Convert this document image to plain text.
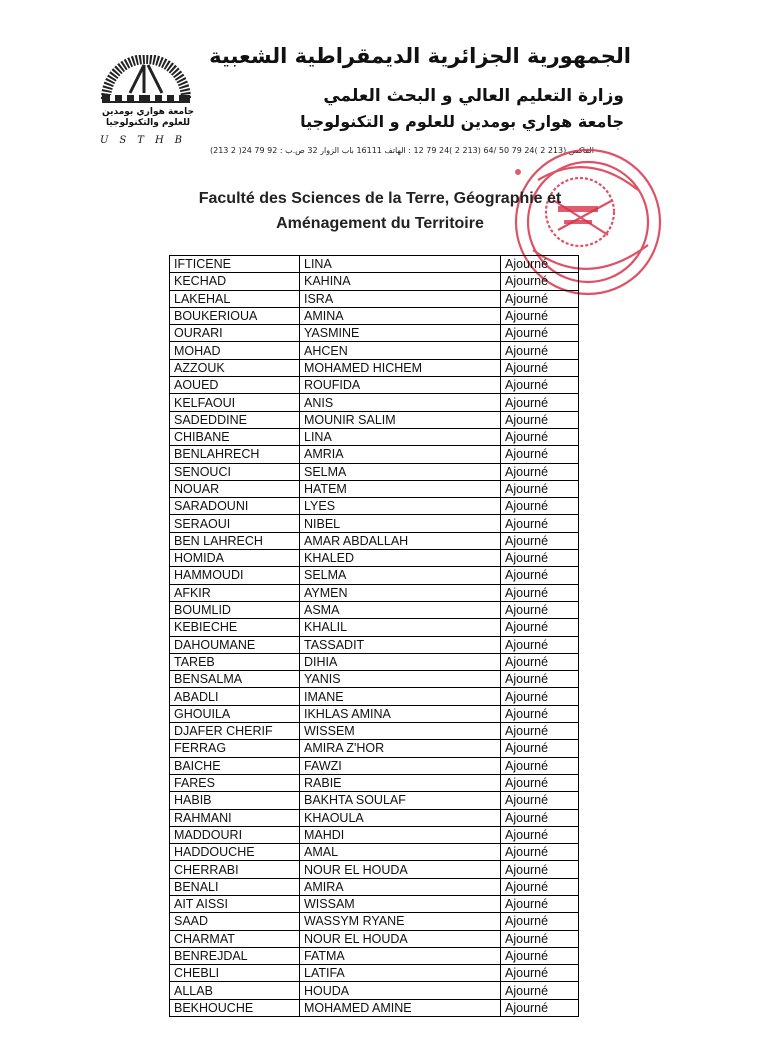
جامعة هواري بومدين للعلوم والتكنولوجيا
USTHB
الجمهورية الجزائرية الديمقراطية الشعبية
وزارة التعليم العالي و البحث العلمي
جامعة هواري بومدين للعلوم و التكنولوجيا
(213 2 )24 79 92 : ﺍﻟﻔﺎﻛﺲ (213 2 )24 79 50 /64 (213 2 )24 79 12 : ﺍﻟﻬﺎﺗﻒ 16111 ﺑﺎﺏ ﺍﻟﺰﻭﺍﺭ 32 ﺹ.ﺏ
Faculté des Sciences de la Terre, Géographie et
Aménagement du Territoire
IFTICENE	LINA	Ajourné
KECHAD	KAHINA	Ajourné
LAKEHAL	ISRA	Ajourné
BOUKERIOUA	AMINA	Ajourné
OURARI	YASMINE	Ajourné
MOHAD	AHCEN	Ajourné
AZZOUK	MOHAMED HICHEM	Ajourné
AOUED	ROUFIDA	Ajourné
KELFAOUI	ANIS	Ajourné
SADEDDINE	MOUNIR SALIM	Ajourné
CHIBANE	LINA	Ajourné
BENLAHRECH	AMRIA	Ajourné
SENOUCI	SELMA	Ajourné
NOUAR	HATEM	Ajourné
SARADOUNI	LYES	Ajourné
SERAOUI	NIBEL	Ajourné
BEN LAHRECH	AMAR ABDALLAH	Ajourné
HOMIDA	KHALED	Ajourné
HAMMOUDI	SELMA	Ajourné
AFKIR	AYMEN	Ajourné
BOUMLID	ASMA	Ajourné
KEBIECHE	KHALIL	Ajourné
DAHOUMANE	TASSADIT	Ajourné
TAREB	DIHIA	Ajourné
BENSALMA	YANIS	Ajourné
ABADLI	IMANE	Ajourné
GHOUILA	IKHLAS AMINA	Ajourné
DJAFER CHERIF	WISSEM	Ajourné
FERRAG	AMIRA Z'HOR	Ajourné
BAICHE	FAWZI	Ajourné
FARES	RABIE	Ajourné
HABIB	BAKHTA SOULAF	Ajourné
RAHMANI	KHAOULA	Ajourné
MADDOURI	MAHDI	Ajourné
HADDOUCHE	AMAL	Ajourné
CHERRABI	NOUR EL HOUDA	Ajourné
BENALI	AMIRA	Ajourné
AIT AISSI	WISSAM	Ajourné
SAAD	WASSYM RYANE	Ajourné
CHARMAT	NOUR EL HOUDA	Ajourné
BENREJDAL	FATMA	Ajourné
CHEBLI	LATIFA	Ajourné
ALLAB	HOUDA	Ajourné
BEKHOUCHE	MOHAMED AMINE	Ajourné
